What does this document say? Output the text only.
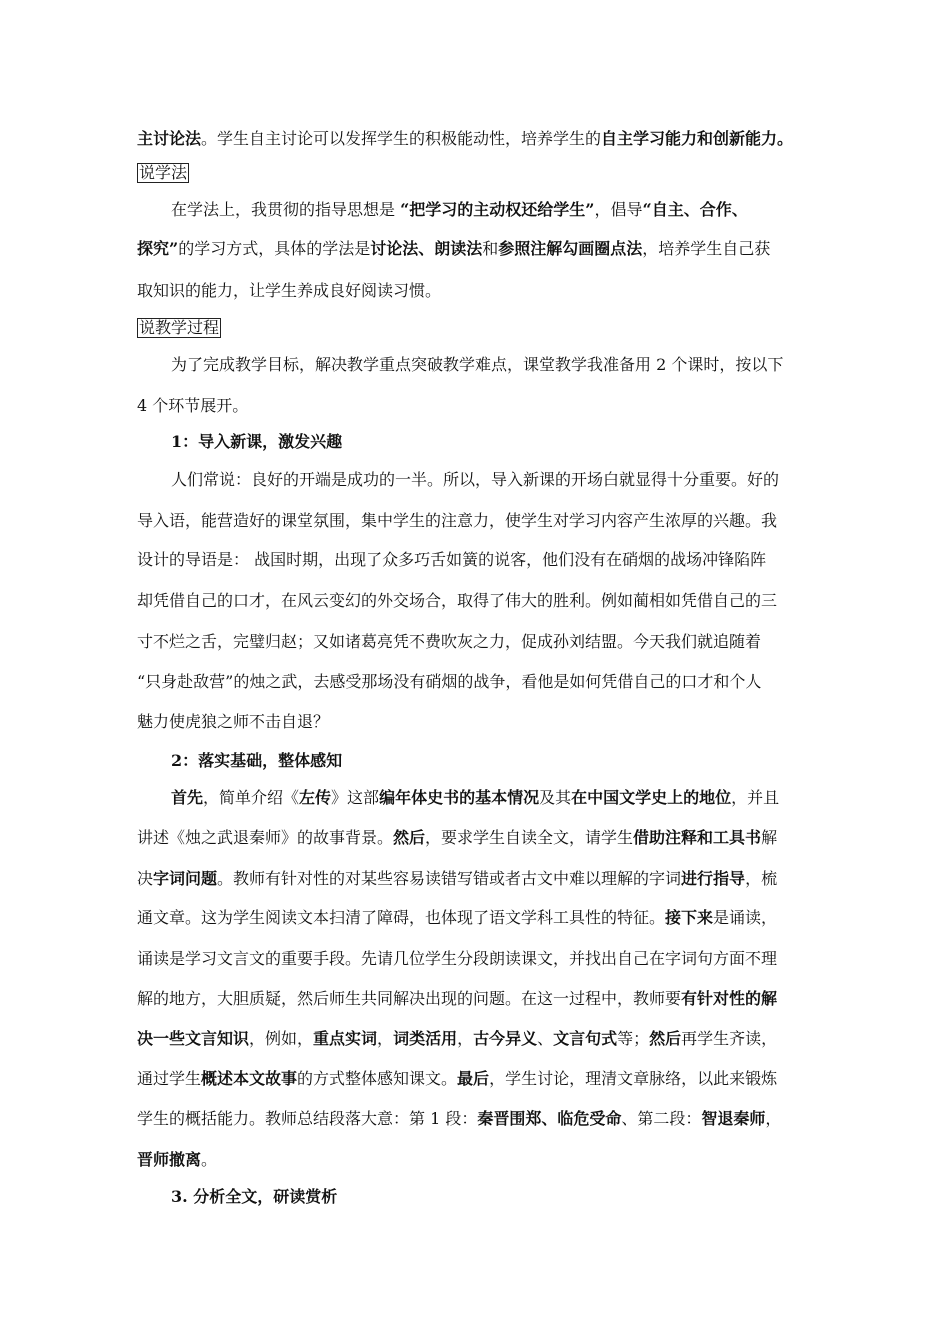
主讨论法。学生自主讨论可以发挥学生的积极能动性，培养学生的自主学习能力和创新能力。
说学法
在学法上，我贯彻的指导思想是 “把学习的主动权还给学生”，倡导“自主、合作、
探究”的学习方式，具体的学法是讨论法、朗读法和参照注解勾画圈点法，培养学生自己获
取知识的能力，让学生养成良好阅读习惯。
说教学过程
为了完成教学目标，解决教学重点突破教学难点，课堂教学我准备用 2 个课时，按以下
4 个环节展开。
1：导入新课，激发兴趣
人们常说：良好的开端是成功的一半。所以，导入新课的开场白就显得十分重要。好的
导入语，能营造好的课堂氛围，集中学生的注意力，使学生对学习内容产生浓厚的兴趣。我
设计的导语是： 战国时期，出现了众多巧舌如簧的说客，他们没有在硝烟的战场冲锋陷阵
却凭借自己的口才，在风云变幻的外交场合，取得了伟大的胜利。例如蔺相如凭借自己的三
寸不烂之舌，完璧归赵；又如诸葛亮凭不费吹灰之力，促成孙刘结盟。今天我们就追随着
“只身赴敌营”的烛之武，去感受那场没有硝烟的战争，看他是如何凭借自己的口才和个人
魅力使虎狼之师不击自退？
2：落实基础，整体感知
首先，简单介绍《左传》这部编年体史书的基本情况及其在中国文学史上的地位，并且
讲述《烛之武退秦师》的故事背景。然后，要求学生自读全文，请学生借助注释和工具书解
决字词问题。教师有针对性的对某些容易读错写错或者古文中难以理解的字词进行指导，梳
通文章。这为学生阅读文本扫清了障碍，也体现了语文学科工具性的特征。接下来是诵读，
诵读是学习文言文的重要手段。先请几位学生分段朗读课文，并找出自己在字词句方面不理
解的地方，大胆质疑，然后师生共同解决出现的问题。在这一过程中，教师要有针对性的解
决一些文言知识，例如，重点实词，词类活用，古今异义、文言句式等；然后再学生齐读，
通过学生概述本文故事的方式整体感知课文。最后，学生讨论，理清文章脉络，以此来锻炼
学生的概括能力。教师总结段落大意：第 1 段：秦晋围郑、临危受命、第二段：智退秦师，
晋师撤离。
3. 分析全文，研读赏析
